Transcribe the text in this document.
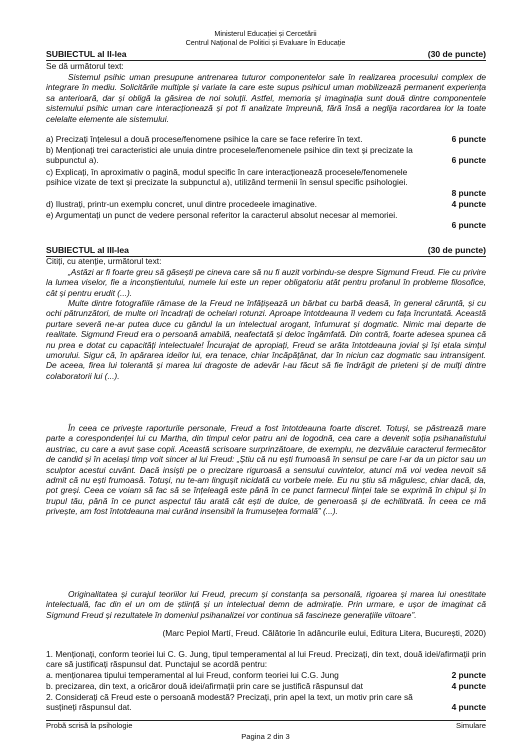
Ministerul Educației și Cercetării
Centrul Național de Politici și Evaluare în Educație
SUBIECTUL al II-lea	(30 de puncte)
Se dă următorul text:
Sistemul psihic uman presupune antrenarea tuturor componentelor sale în realizarea procesului complex de integrare în mediu. Solicitările multiple și variate la care este supus psihicul uman mobilizează permanent experiența sa anterioară, dar și obligă la găsirea de noi soluții. Astfel, memoria și imaginația sunt două dintre componentele sistemului psihic uman care interacționează și pot fi analizate împreună, fără însă a neglija racordarea lor la toate celelalte elemente ale sistemului.
a) Precizați înțelesul a două procese/fenomene psihice la care se face referire în text.	6 puncte
b) Menționați trei caracteristici ale unuia dintre procesele/fenomenele psihice din text și precizate la subpunctul a).	6 puncte
c) Explicați, în aproximativ o pagină, modul specific în care interacționează procesele/fenomenele psihice vizate de text și precizate la subpunctul a), utilizând termenii în sensul specific psihologiei.
8 puncte
d) Ilustrați, printr-un exemplu concret, unul dintre procedeele imaginative.	4 puncte
e) Argumentați un punct de vedere personal referitor la caracterul absolut necesar al memoriei.
6 puncte
SUBIECTUL al III-lea	(30 de puncte)
Citiți, cu atenție, următorul text:
„Astăzi ar fi foarte greu să găsești pe cineva care să nu fi auzit vorbindu-se despre Sigmund Freud. Fie cu privire la lumea viselor, fie a inconștientului, numele lui este un reper obligatoriu atât pentru profanul în probleme filosofice, cât și pentru erudit (...).
Multe dintre fotografiile rămase de la Freud ne înfățișează un bărbat cu barbă deasă, în general căruntă, și cu ochi pătrunzători, de multe ori încadrați de ochelari rotunzi. Aproape întotdeauna îl vedem cu fața încruntată. Această purtare severă ne-ar putea duce cu gândul la un intelectual arogant, înfumurat și dogmatic. Nimic mai departe de realitate. Sigmund Freud era o persoană amabilă, neafectată și deloc îngâmfată. Din contră, foarte adesea spunea că nu prea e dotat cu capacități intelectuale! Încurajat de apropiați, Freud se arăta întotdeauna jovial și își etala simțul umorului. Sigur că, în apărarea ideilor lui, era tenace, chiar încăpățânat, dar în niciun caz dogmatic sau intransigent. De aceea, firea lui tolerantă și marea lui dragoste de adevăr l-au făcut să fie îndrăgit de prieteni și de mulți dintre colaboratorii lui (...).
În ceea ce privește raporturile personale, Freud a fost întotdeauna foarte discret. Totuși, se păstrează mare parte a corespondenței lui cu Martha, din timpul celor patru ani de logodnă, cea care a devenit soția psihanalistului austriac, cu care a avut șase copii. Această scrisoare surprinzătoare, de exemplu, ne dezvăluie caracterul fermecător de candid și în același timp voit sincer al lui Freud: „Știu că nu ești frumoasă în sensul pe care l-ar da un pictor sau un sculptor acestui cuvânt. Dacă insiști pe o precizare riguroasă a sensului cuvintelor, atunci mă voi vedea nevoit să admit că nu ești frumoasă. Totuși, nu te-am lingușit nicidată cu vorbele mele. Eu nu știu să măgulesc, chiar dacă, da, pot greși. Ceea ce voiam să fac să se înțeleagă este până în ce punct farmecul ființei tale se exprimă în chipul și în trupul tău, până în ce punct aspectul tău arată cât ești de dulce, de generoasă și de echilibrată. În ceea ce mă privește, am fost întotdeauna mai curând insensibil la frumusețea formală” (...).
Originalitatea și curajul teoriilor lui Freud, precum și constanța sa personală, rigoarea și marea lui onestitate intelectuală, fac din el un om de știință și un intelectual demn de admirație. Prin urmare, e ușor de imaginat că Sigmund Freud și rezultatele în domeniul psihanalizei vor continua să fascineze generațiile viitoare”.
(Marc Pepiol Martí, Freud. Călătorie în adâncurile eului, Editura Litera, București, 2020)
1. Menționați, conform teoriei lui C. G. Jung, tipul temperamental al lui Freud. Precizați, din text, două idei/afirmații prin care să justificați răspunsul dat. Punctajul se acordă pentru:
a. menționarea tipului temperamental al lui Freud, conform teoriei lui C.G. Jung	2 puncte
b. precizarea, din text, a oricăror două idei/afirmații prin care se justifică răspunsul dat	4 puncte
2. Considerați că Freud este o persoană modestă? Precizați, prin apel la text, un motiv prin care să susțineți răspunsul dat.	4 puncte
Probă scrisă la psihologie	Simulare
Pagina 2 din 3
